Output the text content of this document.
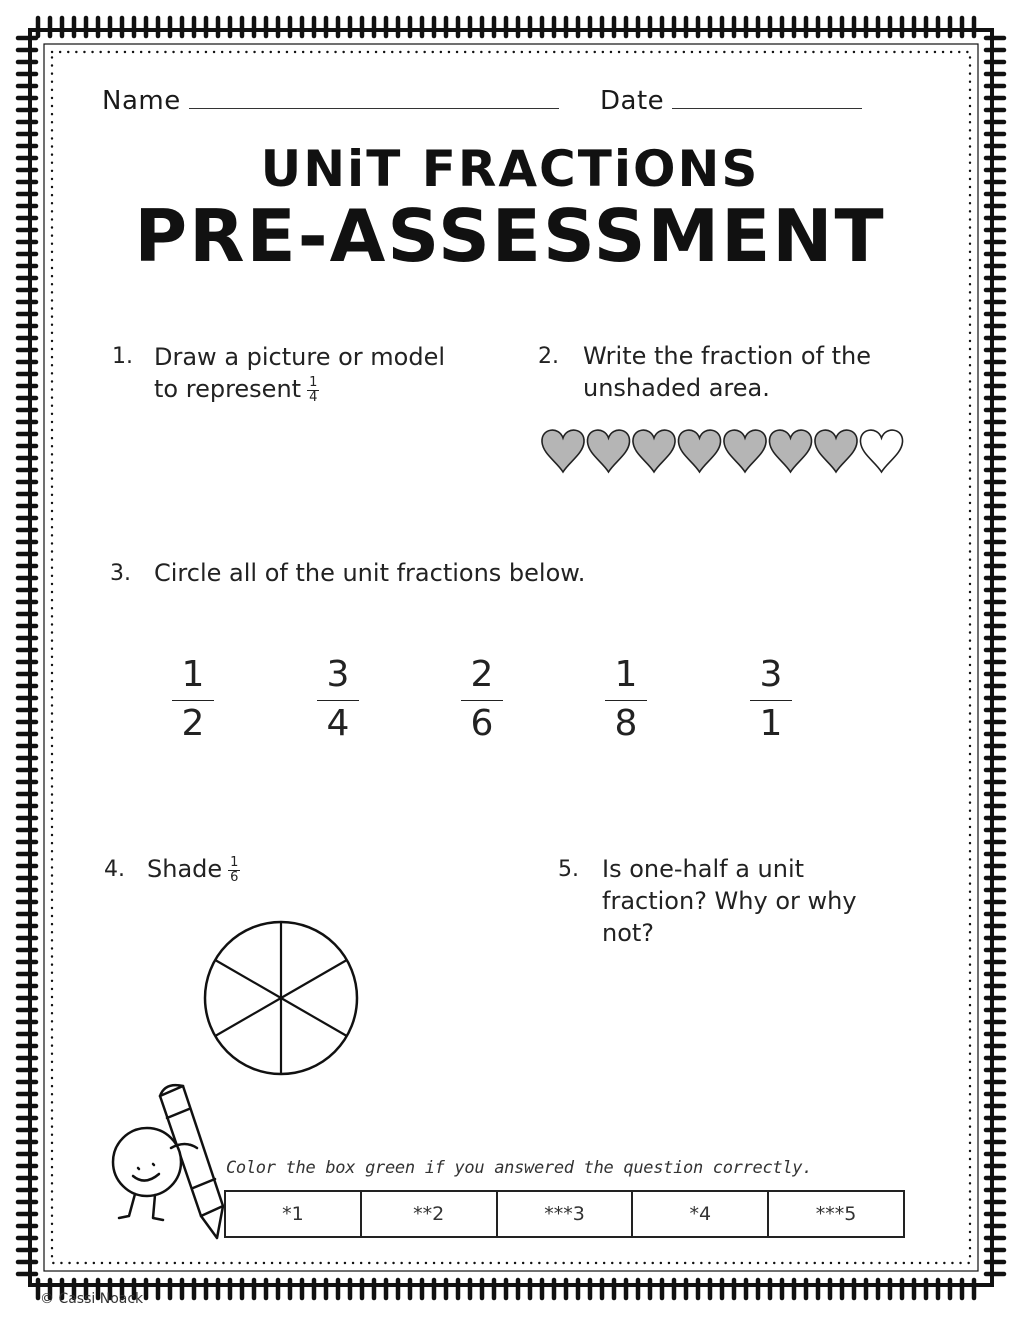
Name	Date
UNiT FRACTiONS
PRE-ASSESSMENT
1. Draw a picture or model
to represent $\frac{1}{4}$
2. Write the fraction of the
unshaded area.
3. Circle all of the unit fractions below.
$\frac{1}{2}$	$\frac{3}{4}$	$\frac{2}{6}$	$\frac{1}{8}$	$\frac{3}{1}$
4. Shade $\frac{1}{6}$	5. Is one-half a unit
fraction? Why or why
not?
Color the box green if you answered the question correctly.
*1	**2	***3	*4	***5
© Cassi Noack
